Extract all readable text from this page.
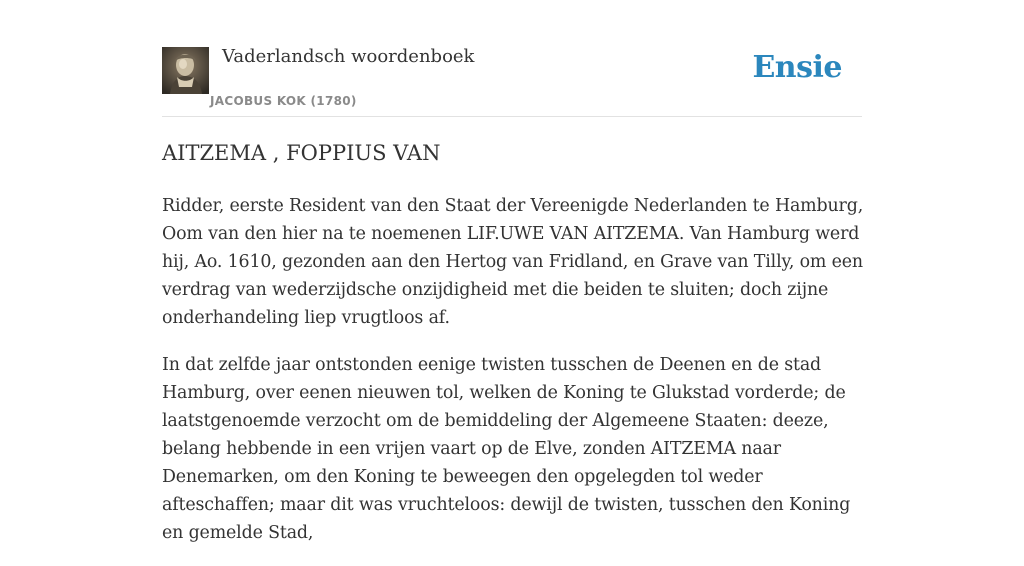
Vaderlandsch woordenboek
JACOBUS KOK (1780)
Ensie
AITZEMA , FOPPIUS VAN

Ridder, eerste Resident van den Staat der Vereenigde Nederlanden te Hamburg, Oom van den hier na te noemenen LIF.UWE VAN AITZEMA. Van Hamburg werd hij, Ao. 1610, gezonden aan den Hertog van Fridland, en Grave van Tilly, om een verdrag van wederzijdsche onzijdigheid met die beiden te sluiten; doch zijne onderhandeling liep vrugtloos af.

In dat zelfde jaar ontstonden eenige twisten tusschen de Deenen en de stad Hamburg, over eenen nieuwen tol, welken de Koning te Glukstad vorderde; de laatstgenoemde verzocht om de bemiddeling der Algemeene Staaten: deeze, belang hebbende in een vrijen vaart op de Elve, zonden AITZEMA naar Denemarken, om den Koning te beweegen den opgelegden tol weder afteschaffen; maar dit was vruchteloos: dewijl de twisten, tusschen den Koning en gemelde Stad,
